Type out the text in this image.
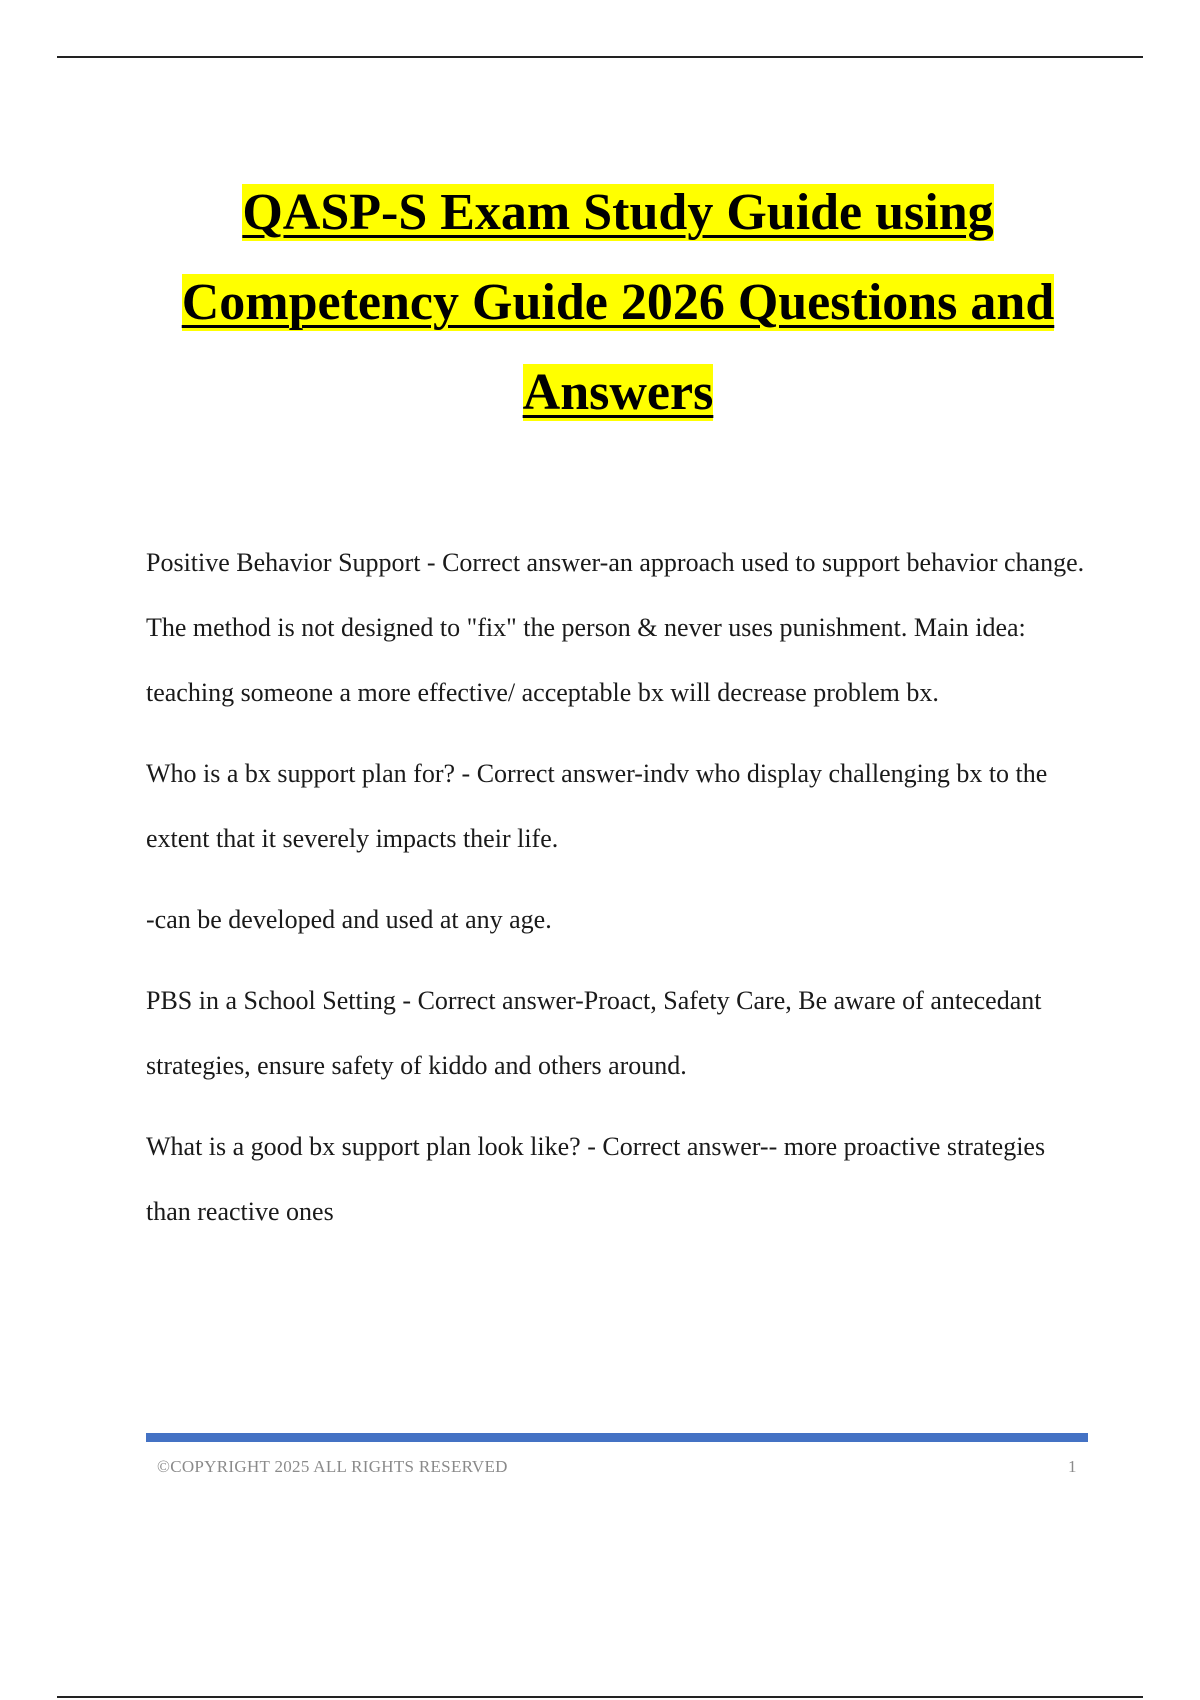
QASP-S Exam Study Guide using
Competency Guide 2026 Questions and
Answers

Positive Behavior Support - Correct answer-an approach used to support behavior change. The method is not designed to "fix" the person & never uses punishment. Main idea: teaching someone a more effective/ acceptable bx will decrease problem bx.

Who is a bx support plan for? - Correct answer-indv who display challenging bx to the extent that it severely impacts their life.

-can be developed and used at any age.

PBS in a School Setting - Correct answer-Proact, Safety Care, Be aware of antecedant strategies, ensure safety of kiddo and others around.

What is a good bx support plan look like? - Correct answer-- more proactive strategies than reactive ones

©COPYRIGHT 2025 ALL RIGHTS RESERVED	1
